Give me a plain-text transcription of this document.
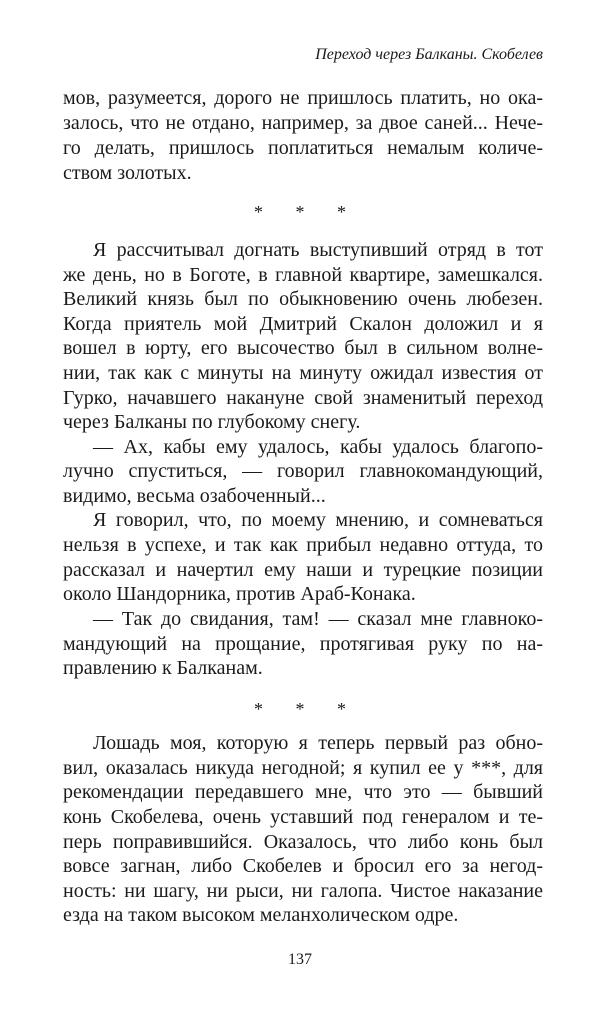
Переход через Балканы. Скобелев
мов, разумеется, дорого не пришлось платить, но ока-
залось, что не отдано, например, за двое саней... Нече-
го делать, пришлось поплатиться немалым количе-
ством золотых.
* * *
Я рассчитывал догнать выступивший отряд в тот
же день, но в Боготе, в главной квартире, замешкался.
Великий князь был по обыкновению очень любезен.
Когда приятель мой Дмитрий Скалон доложил и я
вошел в юрту, его высочество был в сильном волне-
нии, так как с минуты на минуту ожидал известия от
Гурко, начавшего накануне свой знаменитый переход
через Балканы по глубокому снегу.
— Ах, кабы ему удалось, кабы удалось благопо-
лучно спуститься, — говорил главнокомандующий,
видимо, весьма озабоченный...
Я говорил, что, по моему мнению, и сомневаться
нельзя в успехе, и так как прибыл недавно оттуда, то
рассказал и начертил ему наши и турецкие позиции
около Шандорника, против Араб-Конака.
— Так до свидания, там! — сказал мне главноко-
мандующий на прощание, протягивая руку по на-
правлению к Балканам.
* * *
Лошадь моя, которую я теперь первый раз обно-
вил, оказалась никуда негодной; я купил ее у ***, для
рекомендации передавшего мне, что это — бывший
конь Скобелева, очень уставший под генералом и те-
перь поправившийся. Оказалось, что либо конь был
вовсе загнан, либо Скобелев и бросил его за негод-
ность: ни шагу, ни рыси, ни галопа. Чистое наказание
езда на таком высоком меланхолическом одре.
137
